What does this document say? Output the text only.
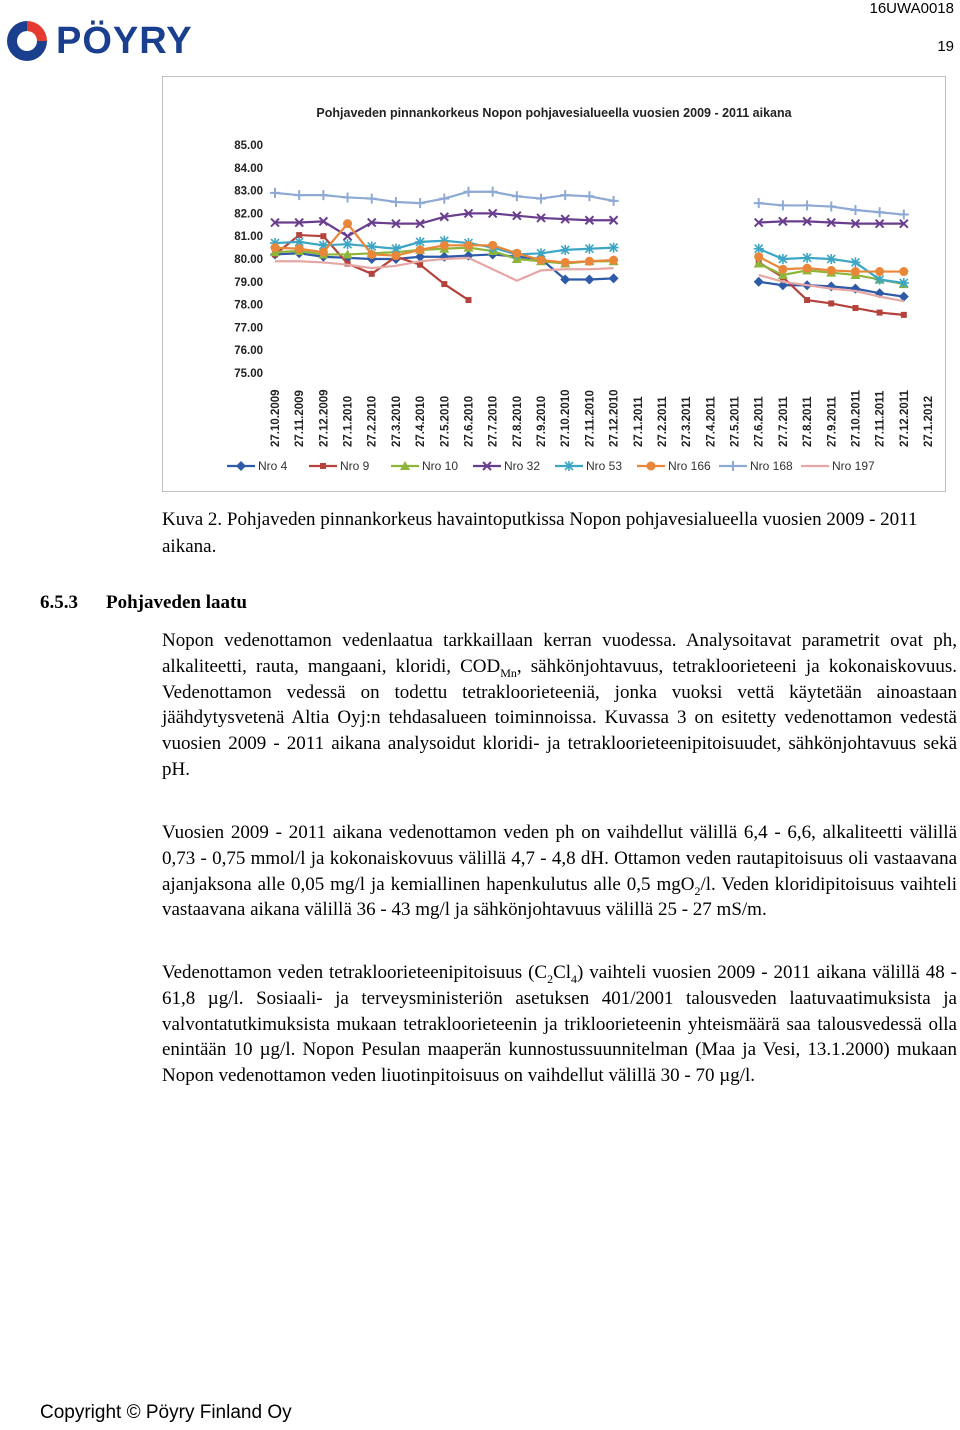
16UWA0018
19
PÖYRY
Pohjaveden pinnankorkeus Nopon pohjavesialueella vuosien 2009 - 2011 aikana
85.00
84.00
83.00
82.00
81.00
80.00
79.00
78.00
77.00
76.00
75.00
27.10.2009 27.11.2009 27.12.2009 27.1.2010 27.2.2010 27.3.2010 27.4.2010 27.5.2010 27.6.2010 27.7.2010 27.8.2010 27.9.2010 27.10.2010 27.11.2010 27.12.2010 27.1.2011 27.2.2011 27.3.2011 27.4.2011 27.5.2011 27.6.2011 27.7.2011 27.8.2011 27.9.2011 27.10.2011 27.11.2011 27.12.2011 27.1.2012
Nro 4	Nro 9	Nro 10	Nro 32	Nro 53	Nro 166	Nro 168	Nro 197
Kuva 2. Pohjaveden pinnankorkeus havaintoputkissa Nopon pohjavesialueella vuosien 2009 - 2011 aikana.
6.5.3 Pohjaveden laatu
Nopon vedenottamon vedenlaatua tarkkaillaan kerran vuodessa. Analysoitavat parametrit ovat ph, alkaliteetti, rauta, mangaani, kloridi, $COD_{Mn}$, sähkönjohtavuus, tetrakloorieteeni ja kokonaiskovuus. Vedenottamon vedessä on todettu tetrakloorieteeniä, jonka vuoksi vettä käytetään ainoastaan jäähdytysvetenä Altia Oyj:n tehdasalueen toiminnoissa. Kuvassa 3 on esitetty vedenottamon vedestä vuosien 2009 - 2011 aikana analysoidut kloridi- ja tetrakloorieteenipitoisuudet, sähkönjohtavuus sekä pH.
Vuosien 2009 - 2011 aikana vedenottamon veden ph on vaihdellut välillä 6,4 - 6,6, alkaliteetti välillä 0,73 - 0,75 mmol/l ja kokonaiskovuus välillä 4,7 - 4,8 dH. Ottamon veden rautapitoisuus oli vastaavana ajanjaksona alle 0,05 mg/l ja kemiallinen hapenkulutus alle 0,5 mgO$_2$/l. Veden kloridipitoisuus vaihteli vastaavana aikana välillä 36 - 43 mg/l ja sähkönjohtavuus välillä 25 - 27 mS/m.
Vedenottamon veden tetrakloorieteenipitoisuus $(C_2Cl_4)$ vaihteli vuosien 2009 - 2011 aikana välillä 48 - 61,8 µg/l. Sosiaali- ja terveysministeriön asetuksen 401/2001 talousveden laatuvaatimuksista ja valvontatutkimuksista mukaan tetrakloorieteenin ja trikloorieteenin yhteismäärä saa talousvedessä olla enintään 10 µg/l. Nopon Pesulan maaperän kunnostussuunnitelman (Maa ja Vesi, 13.1.2000) mukaan Nopon vedenottamon veden liuotinpitoisuus on vaihdellut välillä 30 - 70 µg/l.
Copyright © Pöyry Finland Oy
